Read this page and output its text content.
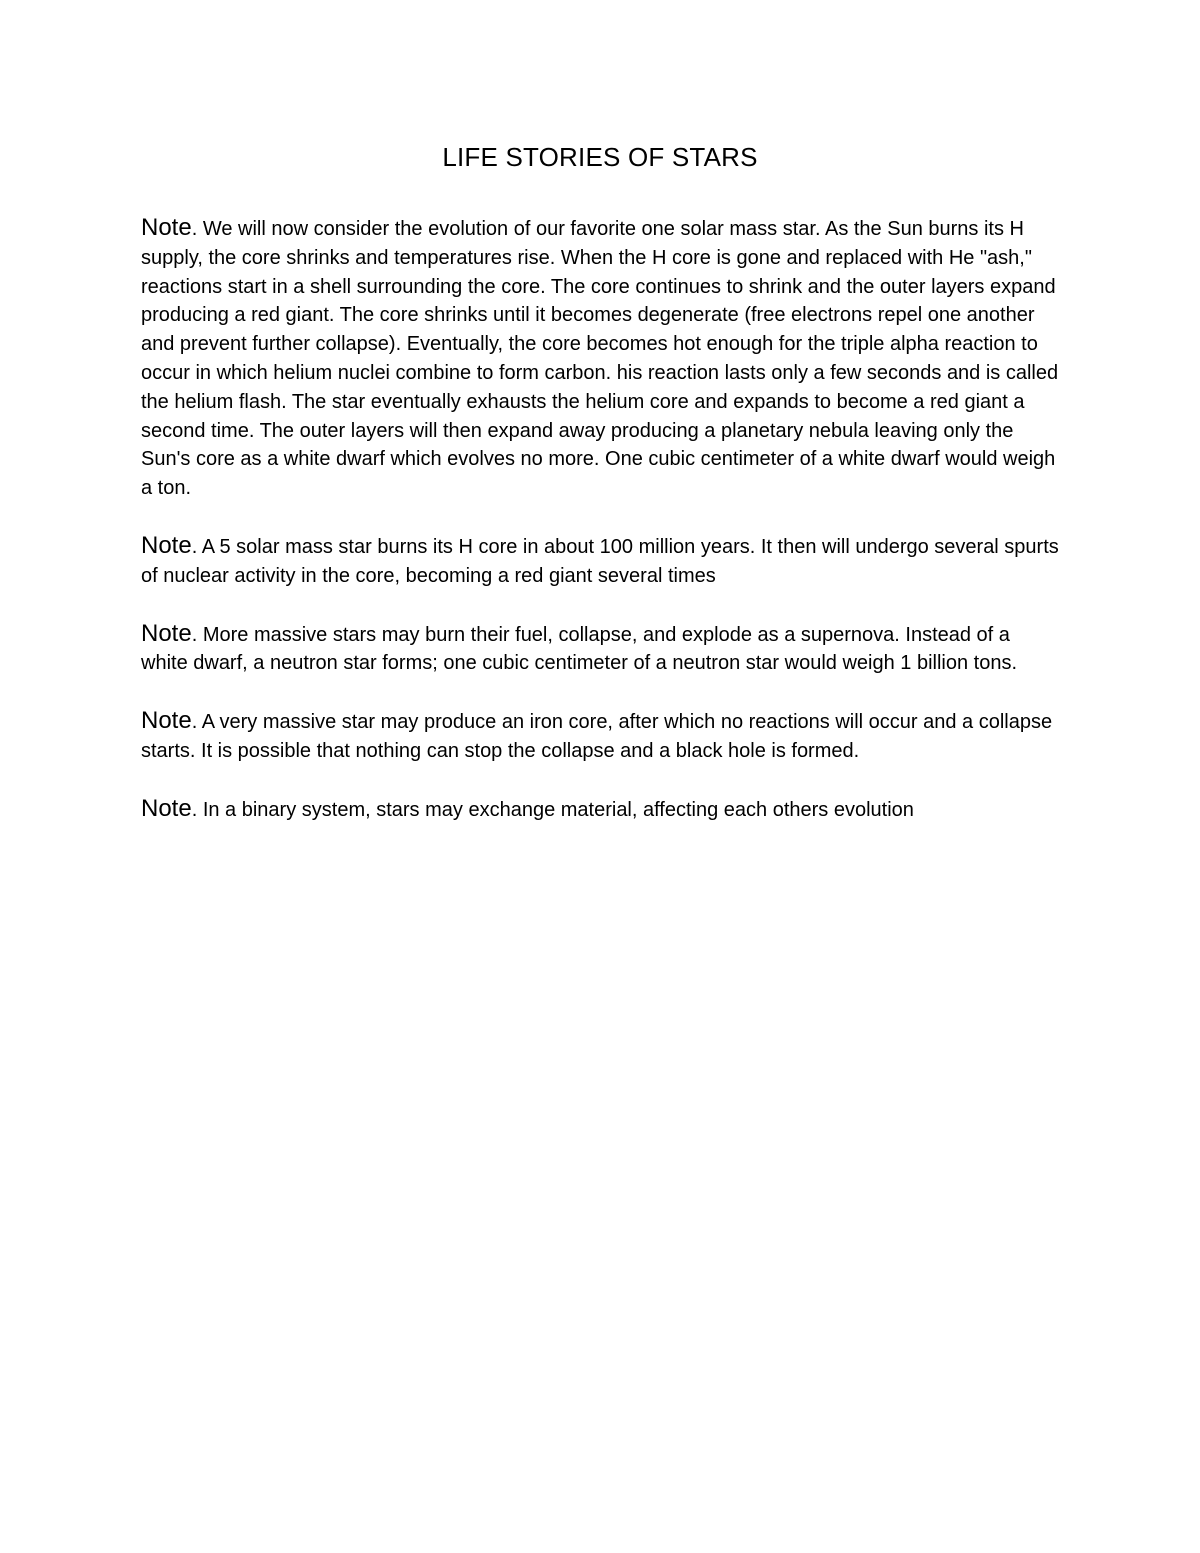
LIFE STORIES OF STARS

Note. We will now consider the evolution of our favorite one solar mass star. As the Sun burns its H supply, the core shrinks and temperatures rise. When the H core is gone and replaced with He "ash," reactions start in a shell surrounding the core. The core continues to shrink and the outer layers expand producing a red giant. The core shrinks until it becomes degenerate (free electrons repel one another and prevent further collapse). Eventually, the core becomes hot enough for the triple alpha reaction to occur in which helium nuclei combine to form carbon. his reaction lasts only a few seconds and is called the helium flash. The star eventually exhausts the helium core and expands to become a red giant a second time. The outer layers will then expand away producing a planetary nebula leaving only the Sun's core as a white dwarf which evolves no more. One cubic centimeter of a white dwarf would weigh a ton.

Note. A 5 solar mass star burns its H core in about 100 million years. It then will undergo several spurts of nuclear activity in the core, becoming a red giant several times

Note. More massive stars may burn their fuel, collapse, and explode as a supernova. Instead of a white dwarf, a neutron star forms; one cubic centimeter of a neutron star would weigh 1 billion tons.

Note. A very massive star may produce an iron core, after which no reactions will occur and a collapse starts. It is possible that nothing can stop the collapse and a black hole is formed.

Note. In a binary system, stars may exchange material, affecting each others evolution
